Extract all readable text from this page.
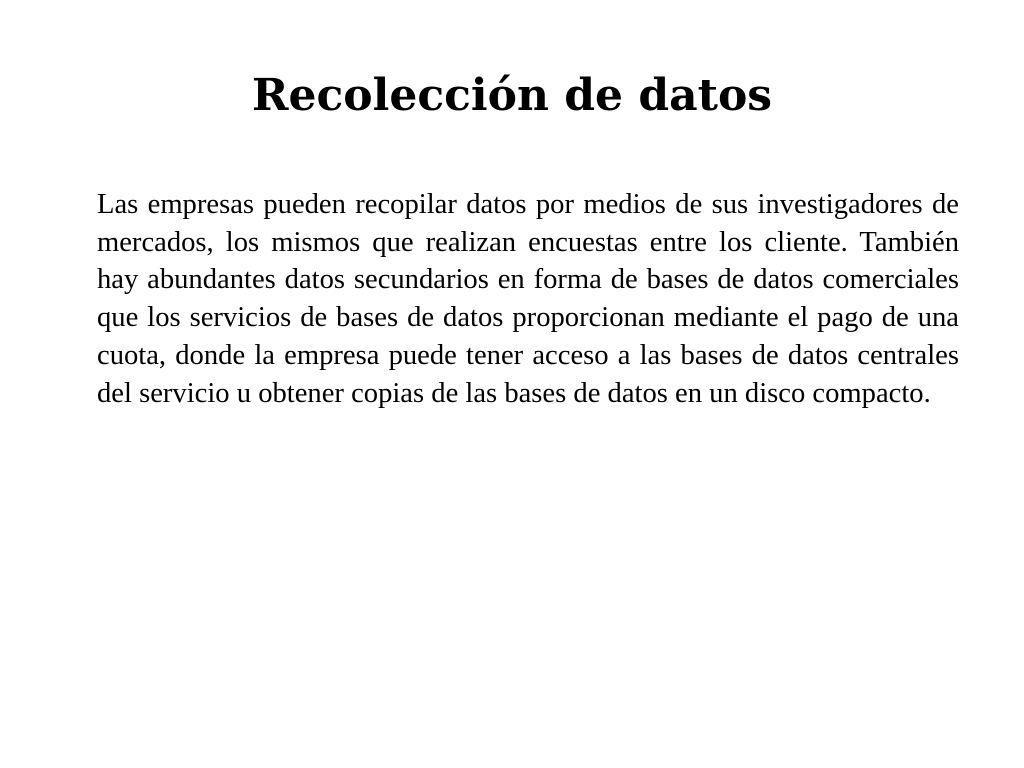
Recolección de datos

Las empresas pueden recopilar datos por medios de sus investigadores de mercados, los mismos que realizan encuestas entre los cliente. También hay abundantes datos secundarios en forma de bases de datos comerciales que los servicios de bases de datos proporcionan mediante el pago de una cuota, donde la empresa puede tener acceso a las bases de datos centrales del servicio u obtener copias de las bases de datos en un disco compacto.
